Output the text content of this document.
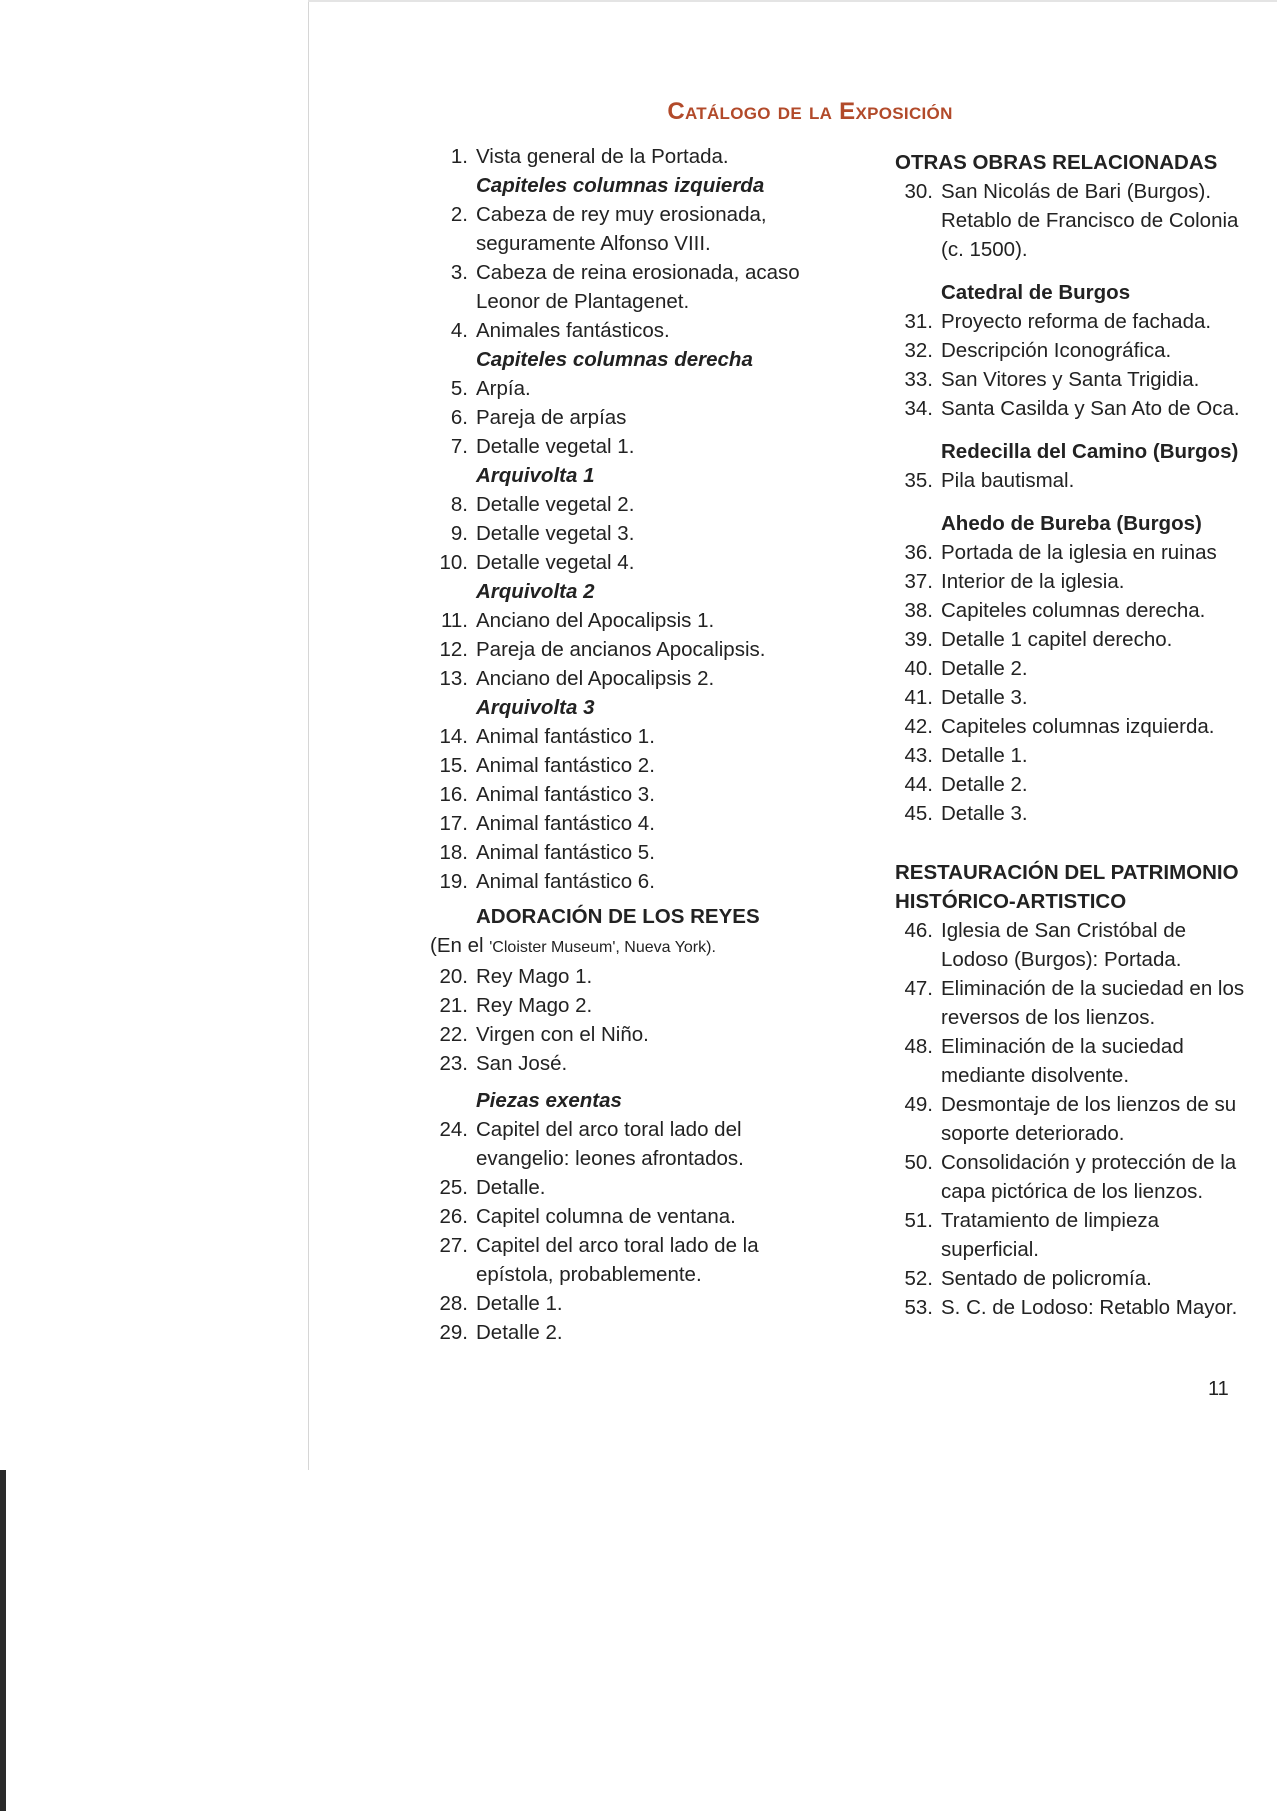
Catálogo de la Exposición
1. Vista general de la Portada.
Capiteles columnas izquierda
2. Cabeza de rey muy erosionada, seguramente Alfonso VIII.
3. Cabeza de reina erosionada, acaso Leonor de Plantagenet.
4. Animales fantásticos.
Capiteles columnas derecha
5. Arpía.
6. Pareja de arpías
7. Detalle vegetal 1.
Arquivolta 1
8. Detalle vegetal 2.
9. Detalle vegetal 3.
10. Detalle vegetal 4.
Arquivolta 2
11. Anciano del Apocalipsis 1.
12. Pareja de ancianos Apocalipsis.
13. Anciano del Apocalipsis 2.
Arquivolta 3
14. Animal fantástico 1.
15. Animal fantástico 2.
16. Animal fantástico 3.
17. Animal fantástico 4.
18. Animal fantástico 5.
19. Animal fantástico 6.
ADORACIÓN DE LOS REYES
(En el 'Cloister Museum', Nueva York).
20. Rey Mago 1.
21. Rey Mago 2.
22. Virgen con el Niño.
23. San José.
Piezas exentas
24. Capitel del arco toral lado del evangelio: leones afrontados.
25. Detalle.
26. Capitel columna de ventana.
27. Capitel del arco toral lado de la epístola, probablemente.
28. Detalle 1.
29. Detalle 2.
OTRAS OBRAS RELACIONADAS
30. San Nicolás de Bari (Burgos). Retablo de Francisco de Colonia (c. 1500).
Catedral de Burgos
31. Proyecto reforma de fachada.
32. Descripción Iconográfica.
33. San Vitores y Santa Trigidia.
34. Santa Casilda y San Ato de Oca.
Redecilla del Camino (Burgos)
35. Pila bautismal.
Ahedo de Bureba (Burgos)
36. Portada de la iglesia en ruinas
37. Interior de la iglesia.
38. Capiteles columnas derecha.
39. Detalle 1 capitel derecho.
40. Detalle 2.
41. Detalle 3.
42. Capiteles columnas izquierda.
43. Detalle 1.
44. Detalle 2.
45. Detalle 3.
RESTAURACIÓN DEL PATRIMONIO HISTÓRICO-ARTISTICO
46. Iglesia de San Cristóbal de Lodoso (Burgos): Portada.
47. Eliminación de la suciedad en los reversos de los lienzos.
48. Eliminación de la suciedad mediante disolvente.
49. Desmontaje de los lienzos de su soporte deteriorado.
50. Consolidación y protección de la capa pictórica de los lienzos.
51. Tratamiento de limpieza superficial.
52. Sentado de policromía.
53. S. C. de Lodoso: Retablo Mayor.
11
